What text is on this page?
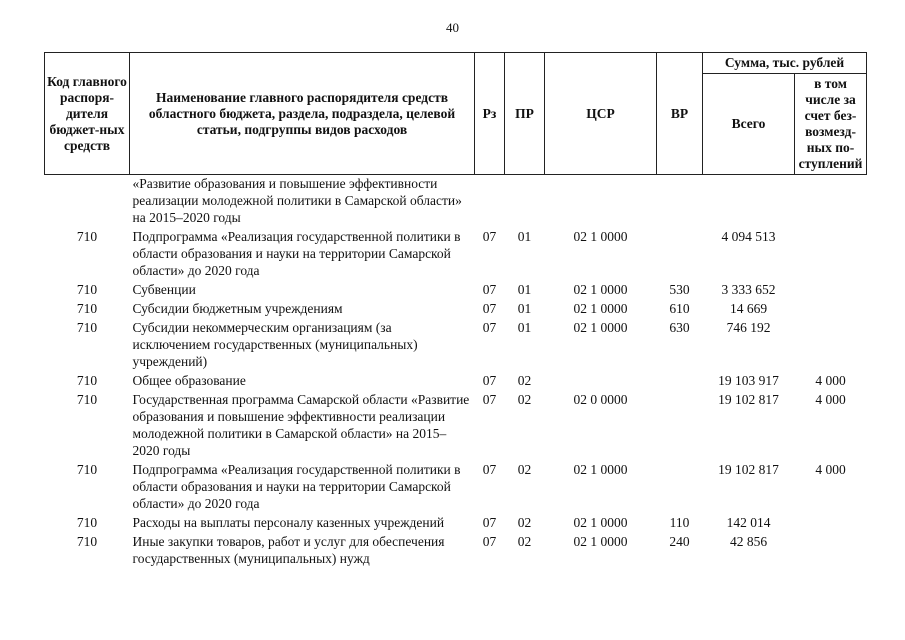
40
Код главного распоря-дителя бюджет-ных средств	Наименование главного распорядителя средств областного бюджета, раздела, подраздела, целевой статьи, подгруппы видов расходов	Рз	ПР	ЦСР	ВР	Сумма, тыс. рублей	
						Всего	в том числе за счет без-возмезд-ных по-ступлений
	«Развитие образования и повышение эффективности реализации молодежной политики в Самарской области» на 2015–2020 годы						
710	Подпрограмма «Реализация государственной политики в области образования и науки на территории Самарской области» до 2020 года	07	01	02 1 0000		4 094 513	
710	Субвенции	07	01	02 1 0000	530	3 333 652	
710	Субсидии бюджетным учреждениям	07	01	02 1 0000	610	14 669	
710	Субсидии некоммерческим организациям (за исключением государственных (муниципальных) учреждений)	07	01	02 1 0000	630	746 192	
710	Общее образование	07	02			19 103 917	4 000
710	Государственная программа Самарской области «Развитие образования и повышение эффективности реализации молодежной политики в Самарской области» на 2015–2020 годы	07	02	02 0 0000		19 102 817	4 000
710	Подпрограмма «Реализация государственной политики в области образования и науки на территории Самарской области» до 2020 года	07	02	02 1 0000		19 102 817	4 000
710	Расходы на выплаты персоналу казенных учреждений	07	02	02 1 0000	110	142 014	
710	Иные закупки товаров, работ и услуг для обеспечения государственных (муниципальных) нужд	07	02	02 1 0000	240	42 856	
